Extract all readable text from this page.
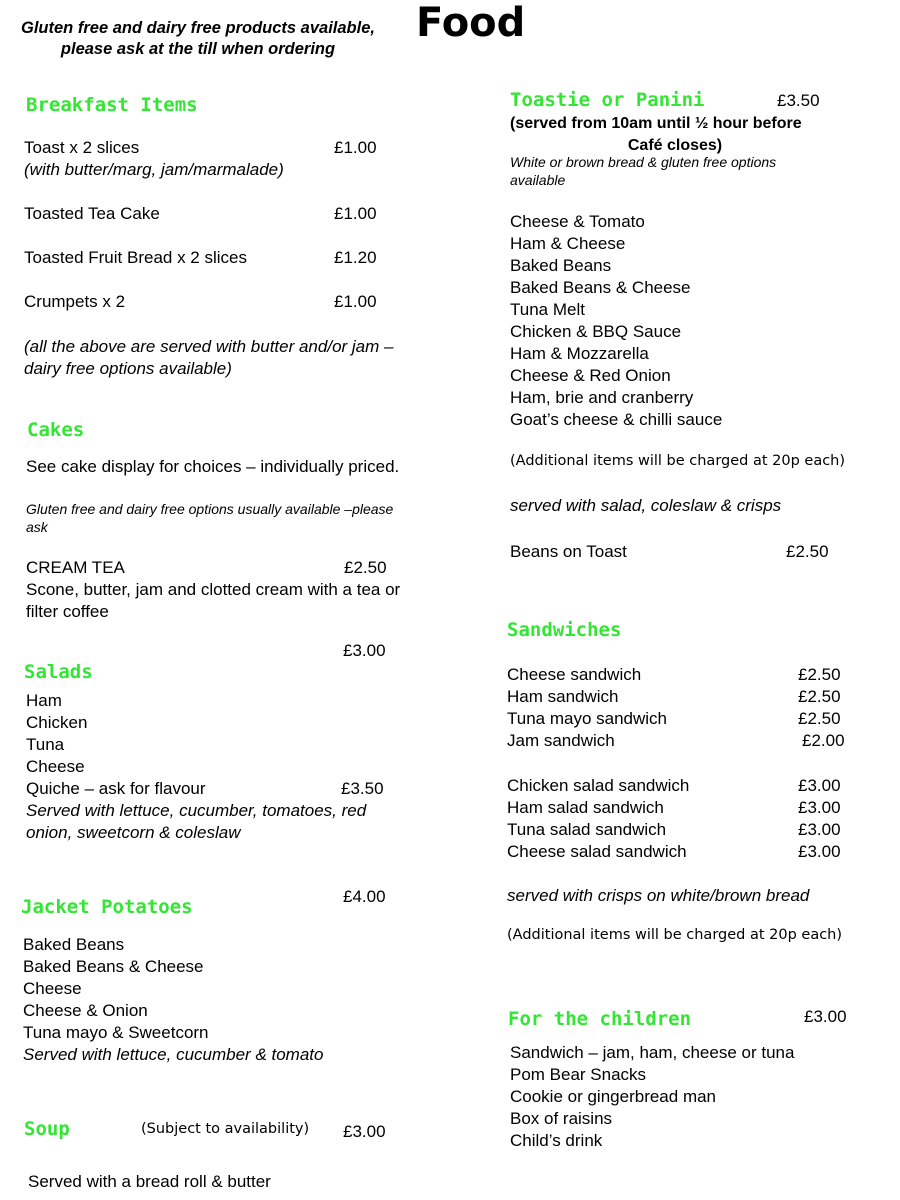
Gluten free and dairy free products available,
please ask at the till when ordering
Food
Breakfast Items
Toast x 2 slices	£1.00
(with butter/marg, jam/marmalade)
Toasted Tea Cake	£1.00
Toasted Fruit Bread x 2 slices	£1.20
Crumpets x 2	£1.00
(all the above are served with butter and/or jam –
dairy free options available)
Cakes
See cake display for choices – individually priced.
Gluten free and dairy free options usually available –please
ask
CREAM TEA	£2.50
Scone, butter, jam and clotted cream with a tea or
filter coffee
£3.00
Salads
Ham
Chicken
Tuna
Cheese
Quiche – ask for flavour	£3.50
Served with lettuce, cucumber, tomatoes, red
onion, sweetcorn & coleslaw
£4.00
Jacket Potatoes
Baked Beans
Baked Beans & Cheese
Cheese
Cheese & Onion
Tuna mayo & Sweetcorn
Served with lettuce, cucumber & tomato
Soup	(Subject to availability) £3.00
Served with a bread roll & butter
Toastie or Panini	£3.50
(served from 10am until ½ hour before
Café closes)
White or brown bread & gluten free options
available
Cheese & Tomato
Ham & Cheese
Baked Beans
Baked Beans & Cheese
Tuna Melt
Chicken & BBQ Sauce
Ham & Mozzarella
Cheese & Red Onion
Ham, brie and cranberry
Goat’s cheese & chilli sauce
(Additional items will be charged at 20p each)
served with salad, coleslaw & crisps
Beans on Toast	£2.50
Sandwiches
Cheese sandwich	£2.50
Ham sandwich	£2.50
Tuna mayo sandwich	£2.50
Jam sandwich	£2.00
Chicken salad sandwich	£3.00
Ham salad sandwich	£3.00
Tuna salad sandwich	£3.00
Cheese salad sandwich	£3.00
served with crisps on white/brown bread
(Additional items will be charged at 20p each)
For the children	£3.00
Sandwich – jam, ham, cheese or tuna
Pom Bear Snacks
Cookie or gingerbread man
Box of raisins
Child’s drink
